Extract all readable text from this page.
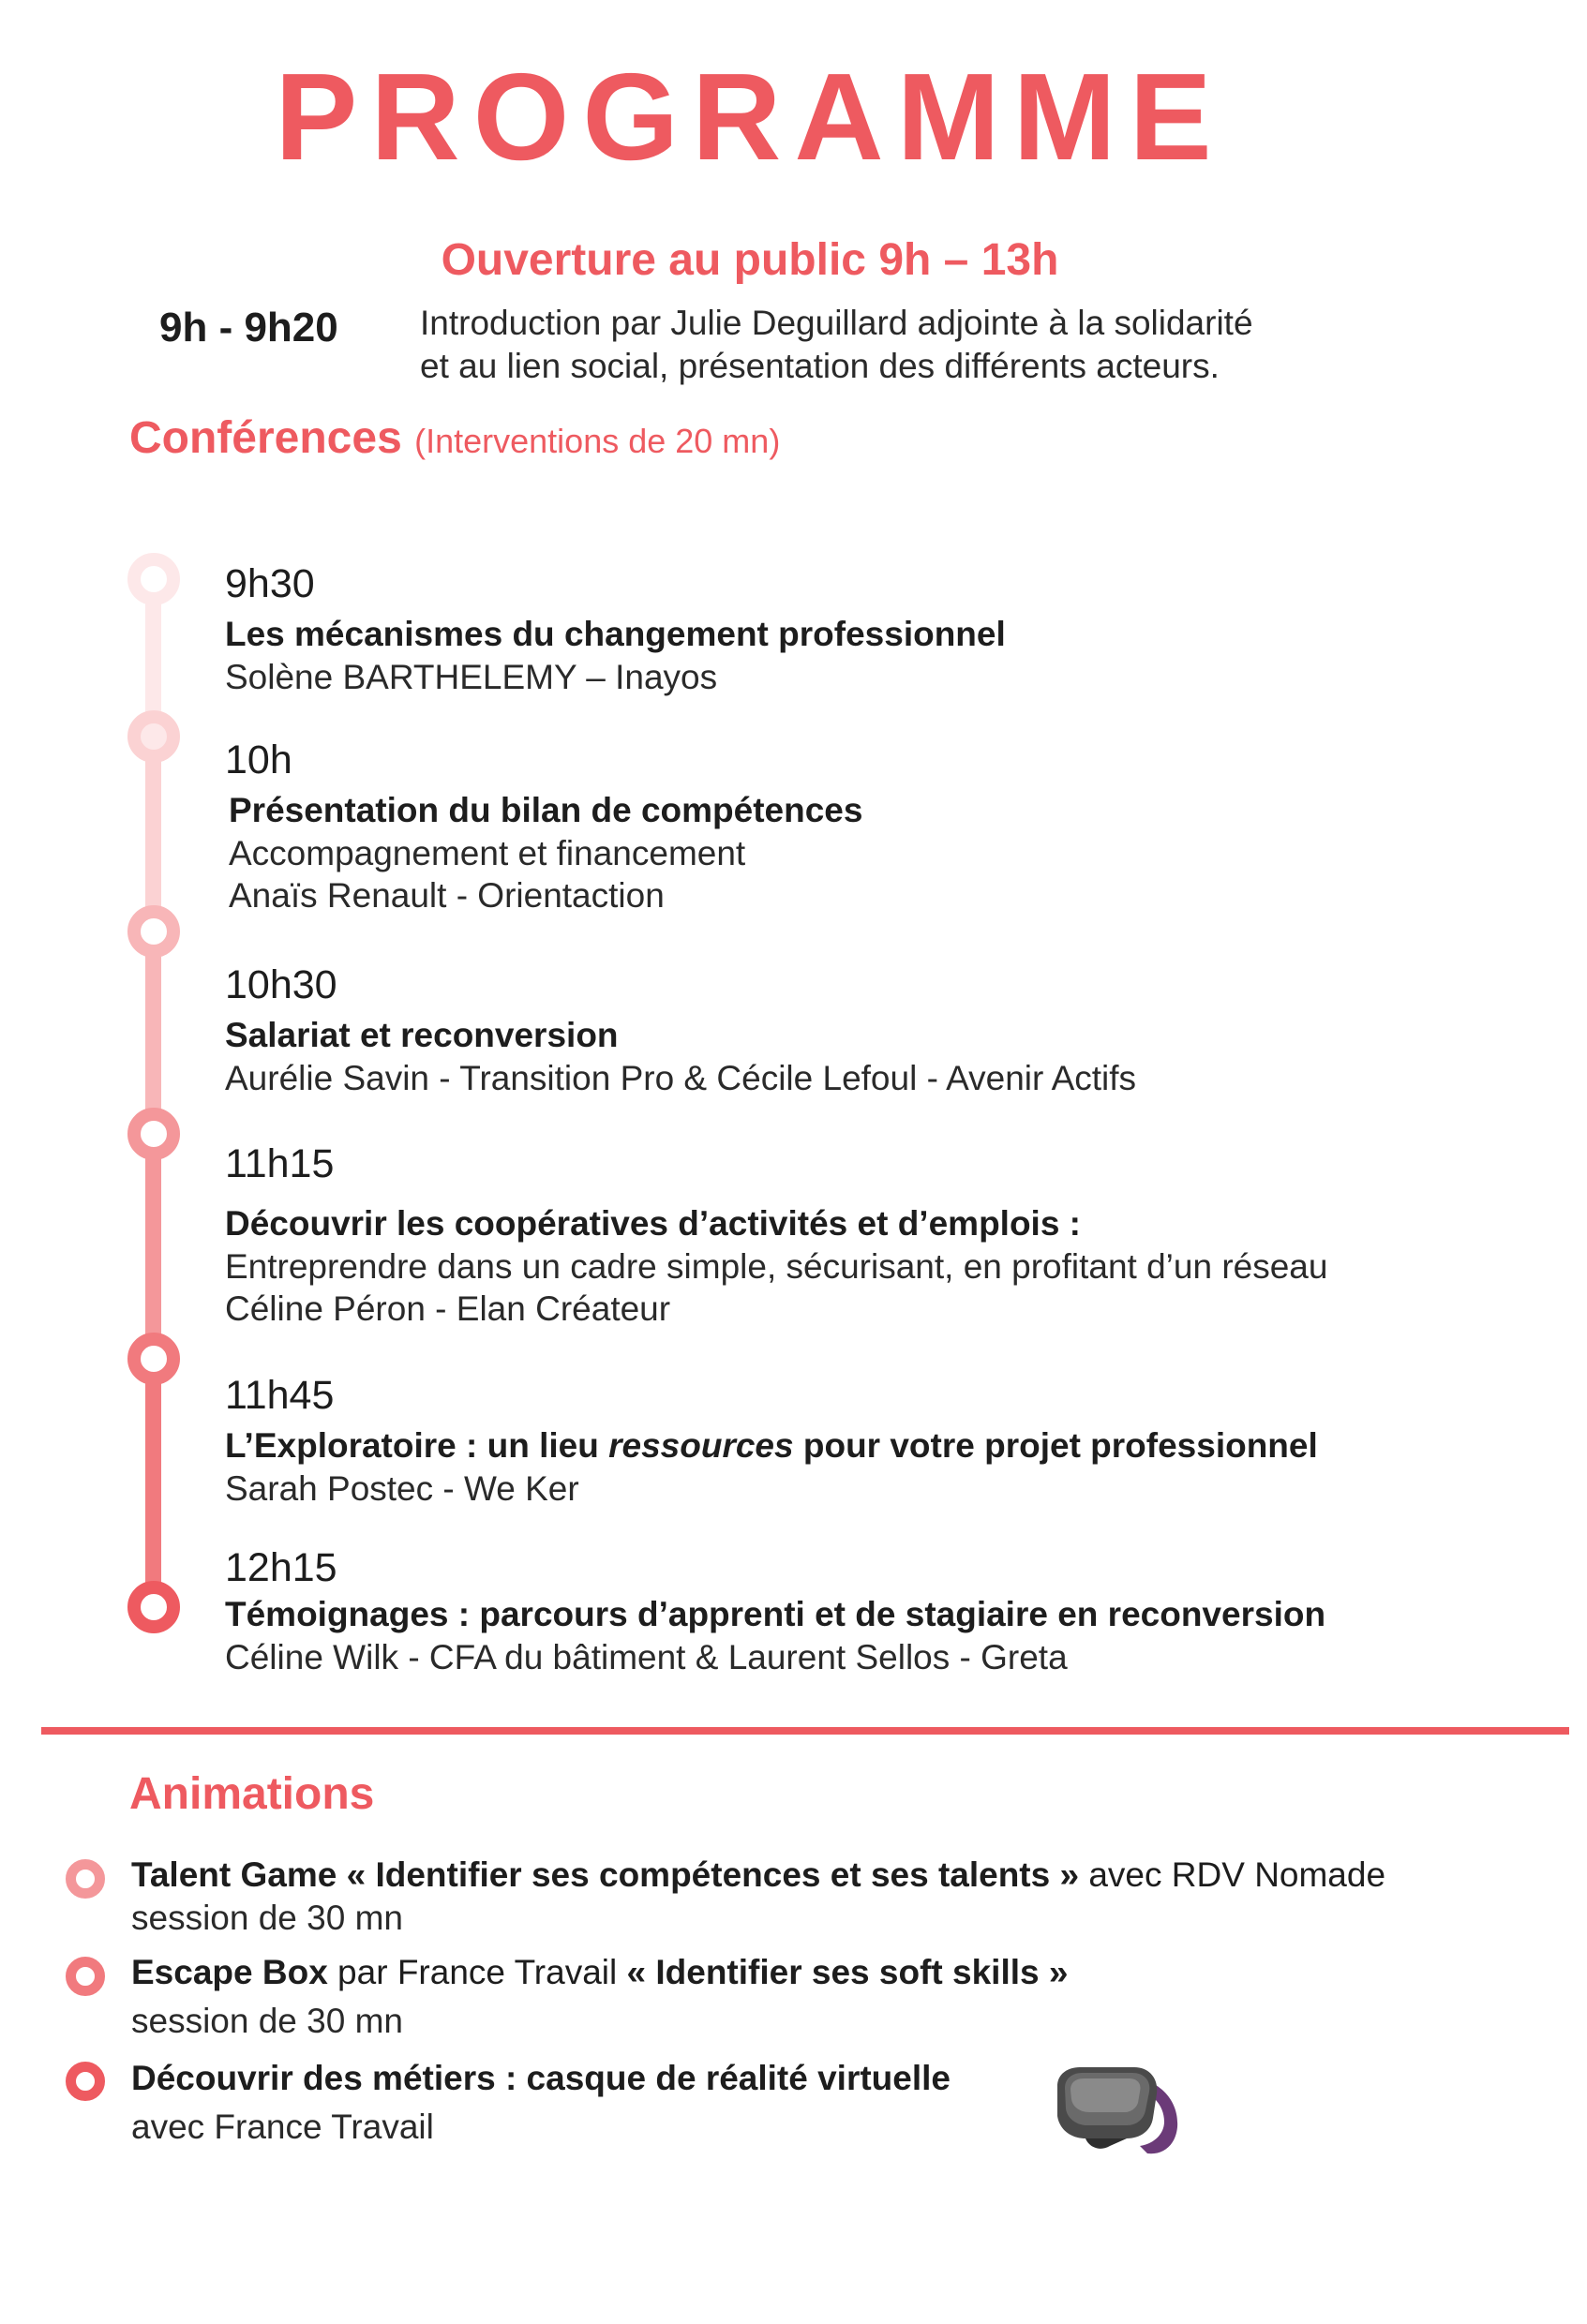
PROGRAMME
Ouverture au public 9h – 13h
9h - 9h20 Introduction par Julie Deguillard adjointe à la solidarité
et au lien social, présentation des différents acteurs.
Conférences (Interventions de 20 mn)
9h30
Les mécanismes du changement professionnel
Solène BARTHELEMY – Inayos
10h
Présentation du bilan de compétences
Accompagnement et financement
Anaïs Renault - Orientaction
10h30
Salariat et reconversion
Aurélie Savin - Transition Pro & Cécile Lefoul - Avenir Actifs
11h15
Découvrir les coopératives d’activités et d’emplois :
Entreprendre dans un cadre simple, sécurisant, en profitant d’un réseau
Céline Péron - Elan Créateur
11h45
L’Exploratoire : un lieu ressources pour votre projet professionnel
Sarah Postec - We Ker
12h15
Témoignages : parcours d’apprenti et de stagiaire en reconversion
Céline Wilk - CFA du bâtiment & Laurent Sellos - Greta
Animations
Talent Game « Identifier ses compétences et ses talents » avec RDV Nomade
session de 30 mn
Escape Box par France Travail « Identifier ses soft skills »
session de 30 mn
Découvrir des métiers : casque de réalité virtuelle
avec France Travail
